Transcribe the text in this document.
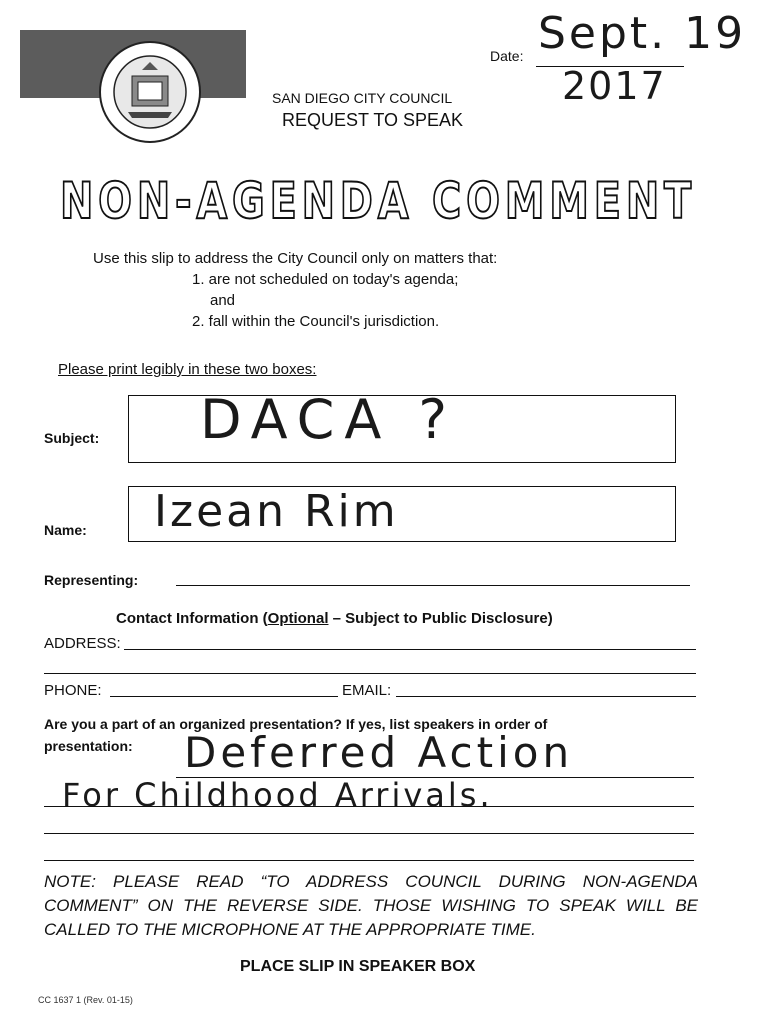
Date: Sept. 19
2017
SAN DIEGO CITY COUNCIL
REQUEST TO SPEAK
NON-AGENDA COMMENT
Use this slip to address the City Council only on matters that:
1. are not scheduled on today's agenda;
and
2. fall within the Council's jurisdiction.
Please print legibly in these two boxes:
Subject: DACA ?
Name: Izean Rim
Representing:
Contact Information (Optional – Subject to Public Disclosure)
ADDRESS:
PHONE:	EMAIL:
Are you a part of an organized presentation? If yes, list speakers in order of
presentation: Deferred Action
For Childhood Arrivals.
NOTE: PLEASE READ “TO ADDRESS COUNCIL DURING NON-AGENDA COMMENT” ON THE REVERSE SIDE. THOSE WISHING TO SPEAK WILL BE CALLED TO THE MICROPHONE AT THE APPROPRIATE TIME.
PLACE SLIP IN SPEAKER BOX
CC 1637 1 (Rev. 01-15)
